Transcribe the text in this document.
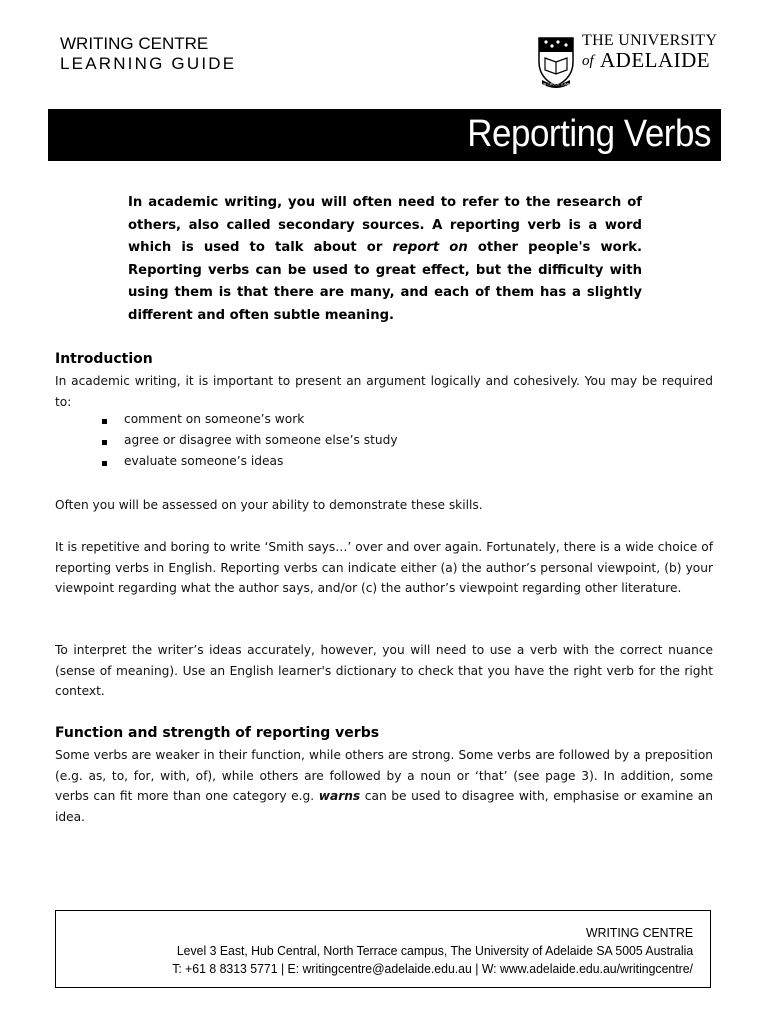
WRITING CENTRE
LEARNING GUIDE
SUB CRUCE LUMEN
THE UNIVERSITY
of ADELAIDE
Reporting Verbs
In academic writing, you will often need to refer to the research of others, also called secondary sources. A reporting verb is a word which is used to talk about or report on other people's work. Reporting verbs can be used to great effect, but the difficulty with using them is that there are many, and each of them has a slightly different and often subtle meaning.
Introduction
In academic writing, it is important to present an argument logically and cohesively. You may be required to:
comment on someone’s work
agree or disagree with someone else’s study
evaluate someone’s ideas
Often you will be assessed on your ability to demonstrate these skills.
It is repetitive and boring to write ‘Smith says…’ over and over again. Fortunately, there is a wide choice of reporting verbs in English. Reporting verbs can indicate either (a) the author’s personal viewpoint, (b) your viewpoint regarding what the author says, and/or (c) the author’s viewpoint regarding other literature.
To interpret the writer’s ideas accurately, however, you will need to use a verb with the correct nuance (sense of meaning). Use an English learner's dictionary to check that you have the right verb for the right context.
Function and strength of reporting verbs
Some verbs are weaker in their function, while others are strong. Some verbs are followed by a preposition (e.g. as, to, for, with, of), while others are followed by a noun or ‘that’ (see page 3). In addition, some verbs can fit more than one category e.g. warns can be used to disagree with, emphasise or examine an idea.
WRITING CENTRE
Level 3 East, Hub Central, North Terrace campus, The University of Adelaide SA 5005 Australia
T: +61 8 8313 5771 | E: writingcentre@adelaide.edu.au | W: www.adelaide.edu.au/writingcentre/
